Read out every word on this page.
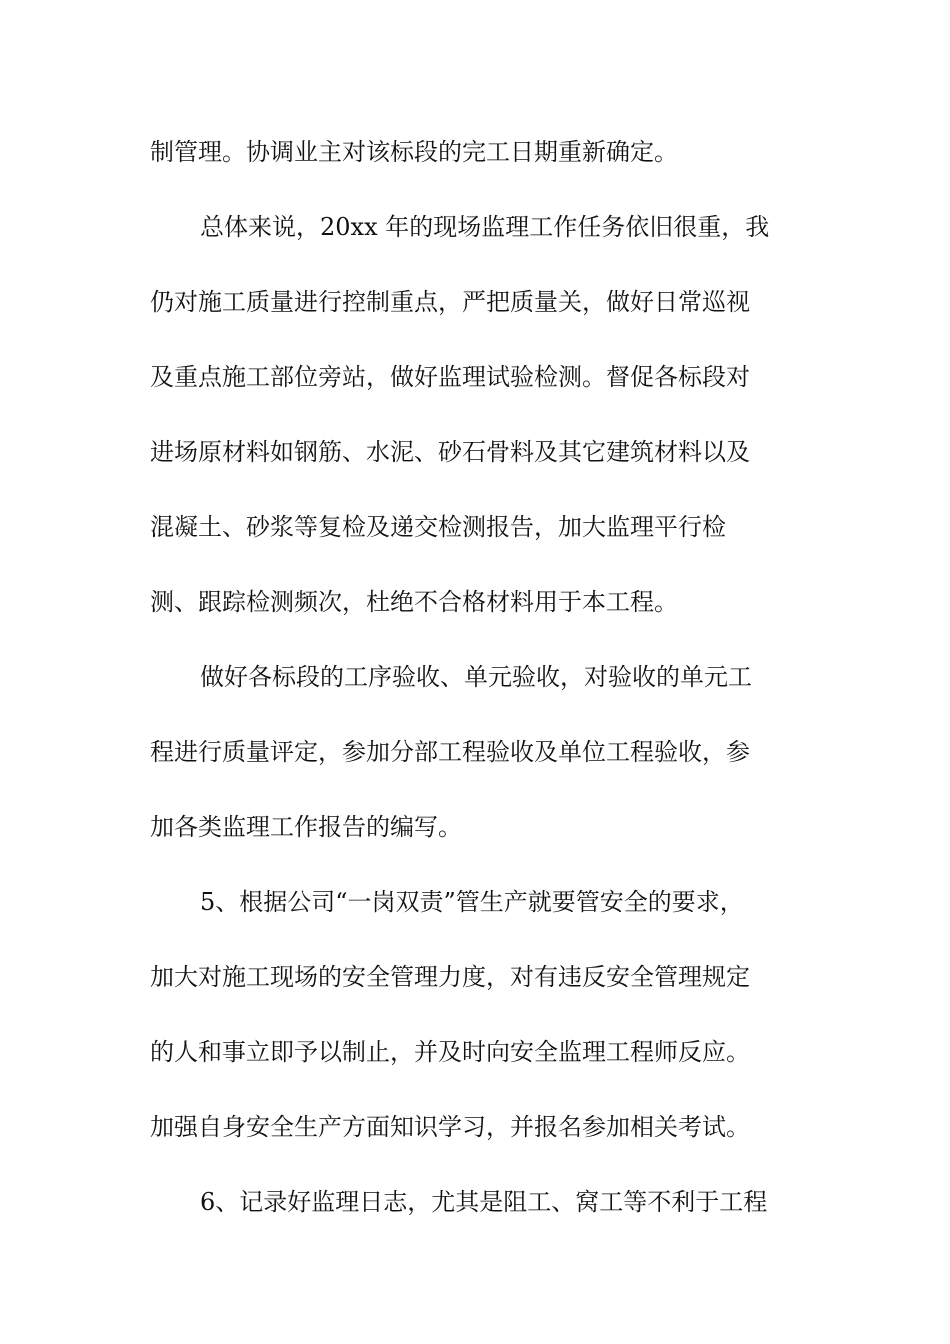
制管理。协调业主对该标段的完工日期重新确定。

总体来说，20xx 年的现场监理工作任务依旧很重，我

仍对施工质量进行控制重点，严把质量关，做好日常巡视

及重点施工部位旁站，做好监理试验检测。督促各标段对

进场原材料如钢筋、水泥、砂石骨料及其它建筑材料以及

混凝土、砂浆等复检及递交检测报告，加大监理平行检

测、跟踪检测频次，杜绝不合格材料用于本工程。

做好各标段的工序验收、单元验收，对验收的单元工

程进行质量评定，参加分部工程验收及单位工程验收，参

加各类监理工作报告的编写。

5、根据公司“一岗双责”管生产就要管安全的要求，

加大对施工现场的安全管理力度，对有违反安全管理规定

的人和事立即予以制止，并及时向安全监理工程师反应。

加强自身安全生产方面知识学习，并报名参加相关考试。

6、记录好监理日志，尤其是阻工、窝工等不利于工程
